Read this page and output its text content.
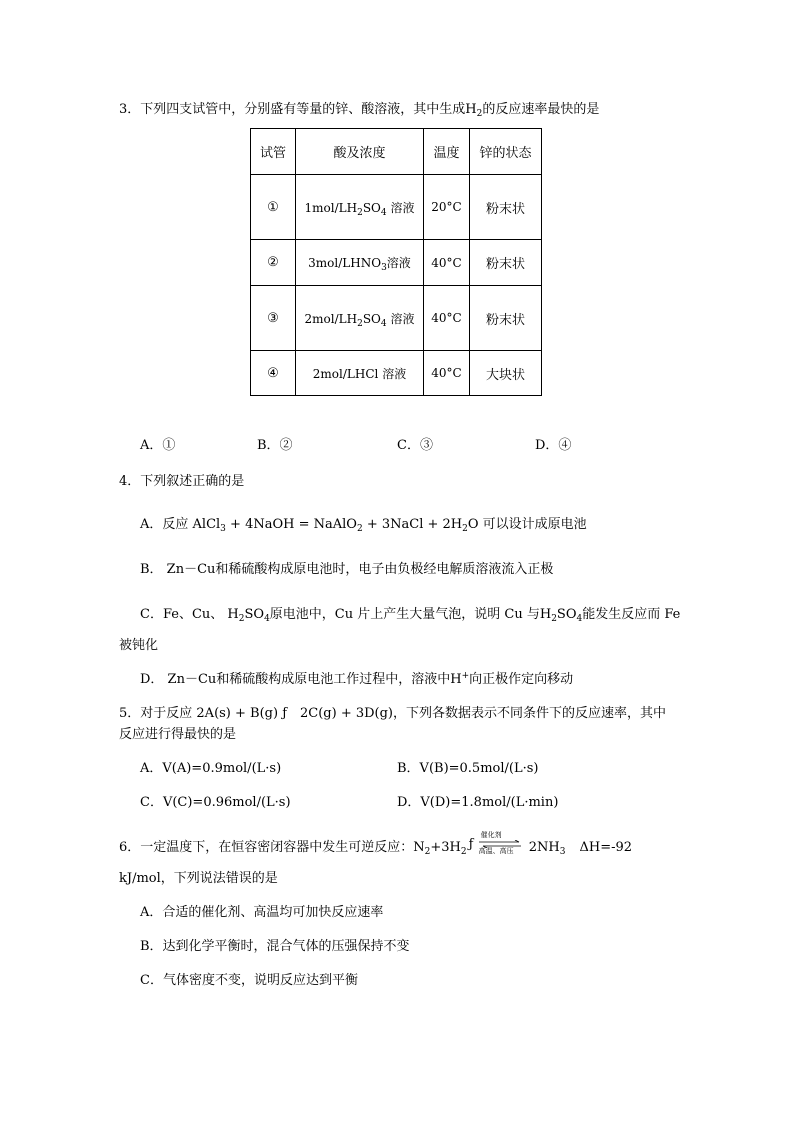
3．下列四支试管中，分别盛有等量的锌、酸溶液，其中生成$H_2$的反应速率最快的是
试管	酸及浓度	温度	锌的状态
①	$1mol/LH_2SO_4$ 溶液	20°C	粉末状
②	$3mol/LHNO_3$溶液	40°C	粉末状
③	$2mol/LH_2SO_4$ 溶液	40°C	粉末状
④	2mol/LHCl 溶液	40°C	大块状
A．①	B．②	C．③	D．④
4．下列叙述正确的是
A．反应 AlCl$_3$ + 4NaOH = NaAlO$_2$ + 3NaCl + $2H_2O$ 可以设计成原电池
B． Zn－Cu和稀硫酸构成原电池时，电子由负极经电解质溶液流入正极
C．Fe、Cu、 $H_2SO_4$原电池中，Cu 片上产生大量气泡，说明 Cu 与$H_2SO_4$能发生反应而 Fe
被钝化
D． Zn－Cu和稀硫酸构成原电池工作过程中，溶液中H+向正极作定向移动
5．对于反应 2A(s) + B(g) ƒ　2C(g) + 3D(g)，下列各数据表示不同条件下的反应速率，其中
反应进行得最快的是
A．V(A)=0.9mol/(L·s)	B．V(B)=0.5mol/(L·s)
C．V(C)=0.96mol/(L·s)	D．V(D)=1.8mol/(L·min)
6．一定温度下，在恒容密闭容器中发生可逆反应：$N_2+3H_2$ ƒ
催化剂
高温、高压 $2NH_3$ ΔH=-92
kJ/mol，下列说法错误的是
A．合适的催化剂、高温均可加快反应速率
B．达到化学平衡时，混合气体的压强保持不变
C．气体密度不变，说明反应达到平衡
